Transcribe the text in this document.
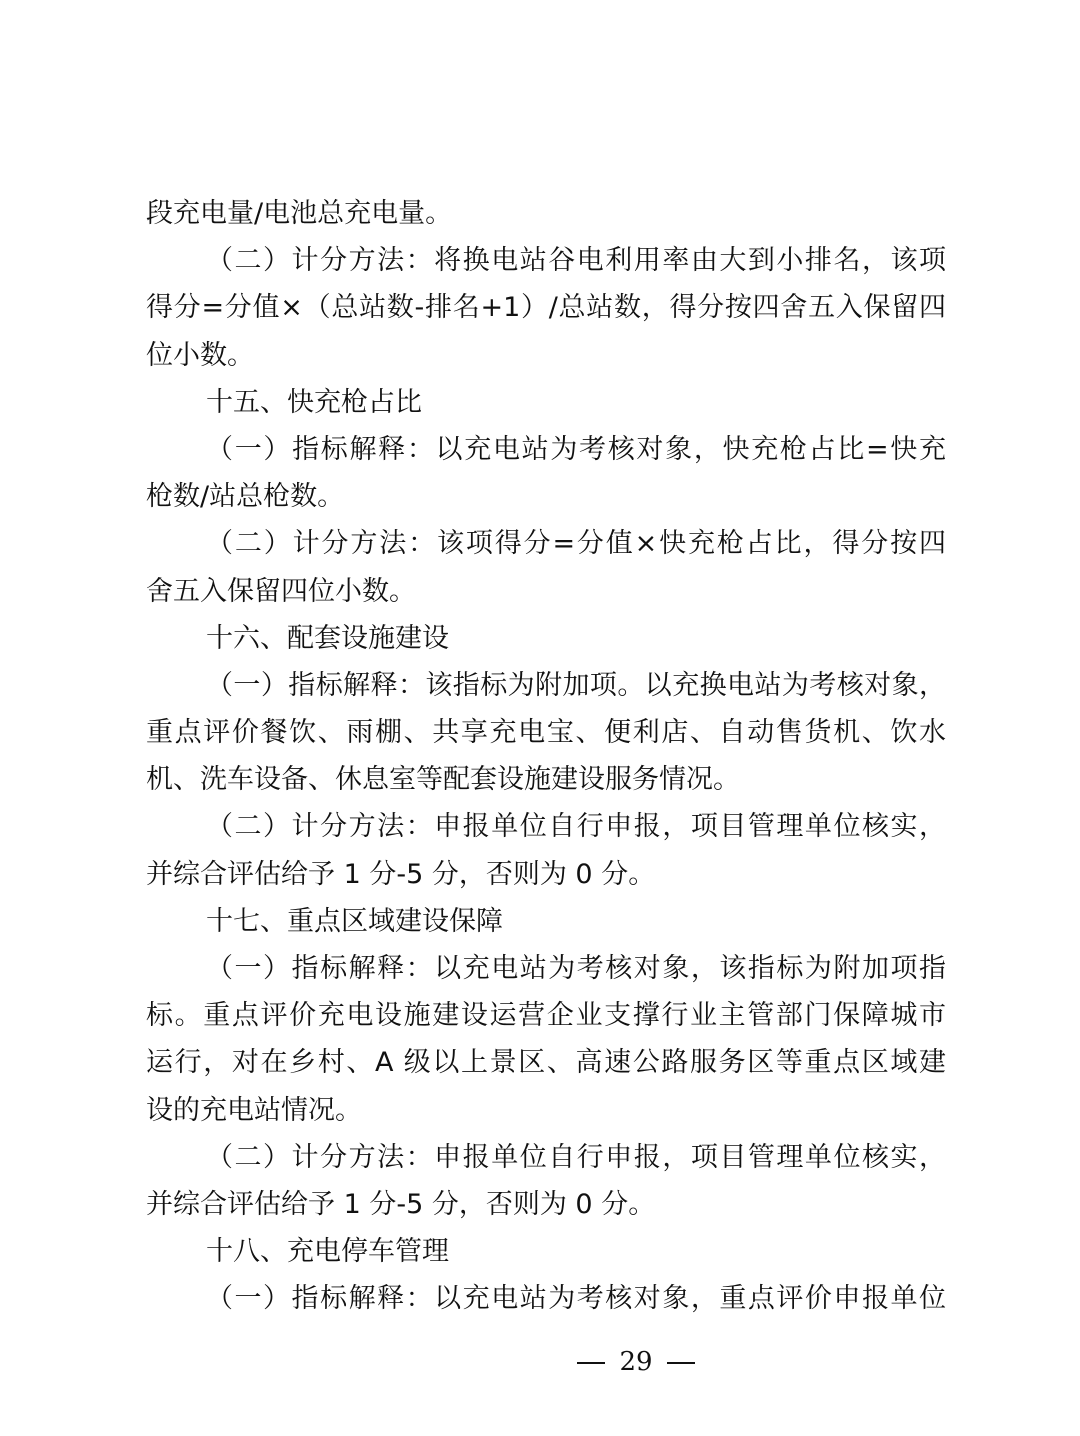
段充电量/电池总充电量。
（二）计分方法：将换电站谷电利用率由大到小排名，该项
得分=分值×（总站数-排名+1）/总站数，得分按四舍五入保留四
位小数。
十五、快充枪占比
（一）指标解释：以充电站为考核对象，快充枪占比=快充
枪数/站总枪数。
（二）计分方法：该项得分=分值×快充枪占比，得分按四
舍五入保留四位小数。
十六、配套设施建设
（一）指标解释：该指标为附加项。以充换电站为考核对象，
重点评价餐饮、雨棚、共享充电宝、便利店、自动售货机、饮水
机、洗车设备、休息室等配套设施建设服务情况。
（二）计分方法：申报单位自行申报，项目管理单位核实，
并综合评估给予 1 分-5 分，否则为 0 分。
十七、重点区域建设保障
（一）指标解释：以充电站为考核对象，该指标为附加项指
标。重点评价充电设施建设运营企业支撑行业主管部门保障城市
运行，对在乡村、A 级以上景区、高速公路服务区等重点区域建
设的充电站情况。
（二）计分方法：申报单位自行申报，项目管理单位核实，
并综合评估给予 1 分-5 分，否则为 0 分。
十八、充电停车管理
（一）指标解释：以充电站为考核对象，重点评价申报单位
29
